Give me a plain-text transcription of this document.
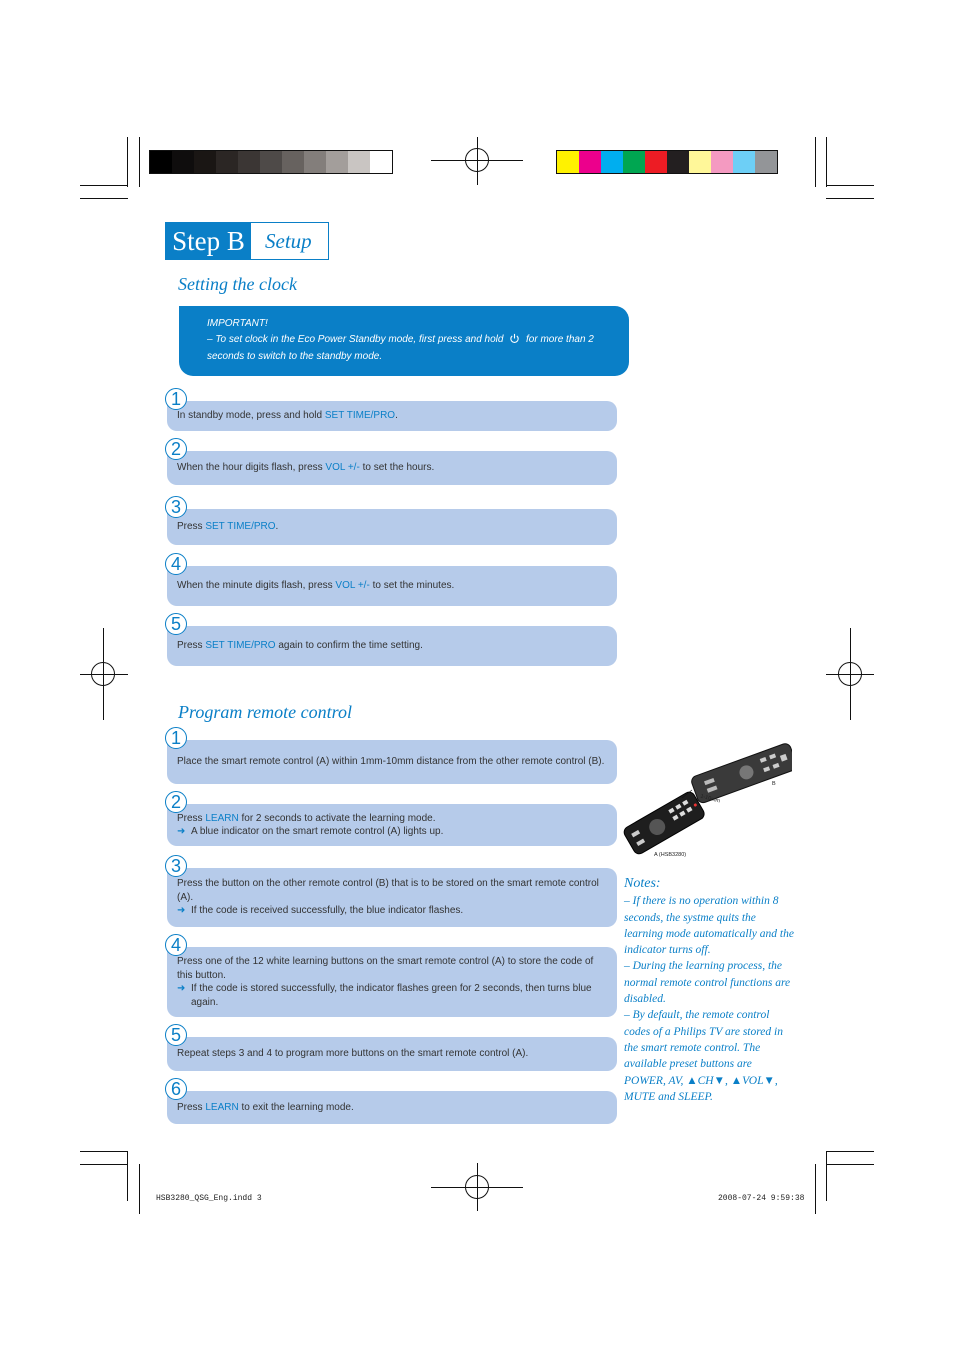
Step B Setup
Setting the clock
IMPORTANT!
– To set clock in the Eco Power Standby mode, first press and hold for more than 2
seconds to switch to the standby mode.
In standby mode, press and hold SET TIME/PRO.
1
When the hour digits flash, press VOL +/- to set the hours.
2
Press SET TIME/PRO.
3
When the minute digits flash, press VOL +/- to set the minutes.
4
Press SET TIME/PRO again to confirm the time setting.
5
Program remote control
Place the smart remote control (A) within 1mm-10mm distance from the other remote control (B).
1
Press LEARN for 2 seconds to activate the learning mode.
➜ A blue indicator on the smart remote control (A) lights up.
2
Press the button on the other remote control (B) that is to be stored on the smart remote control (A).
➜ If the code is received successfully, the blue indicator flashes.
3
Press one of the 12 white learning buttons on the smart remote control (A) to store the code of this button.
➜ If the code is stored successfully, the indicator flashes green for 2 seconds, then turns blue again.
4
Repeat steps 3 and 4 to program more buttons on the smart remote control (A).
5
Press LEARN to exit the learning mode.
6
A (HSB3280)
B
1-10mm
Notes:
– If there is no operation within 8 seconds, the systme quits the learning mode automatically and the indicator turns off.
– During the learning process, the normal remote control functions are disabled.
– By default, the remote control codes of a Philips TV are stored in the smart remote control. The available preset buttons are POWER, AV, ▲CH▼, ▲VOL▼, MUTE and SLEEP.
HSB3280_QSG_Eng.indd 3	2008-07-24 9:59:38
